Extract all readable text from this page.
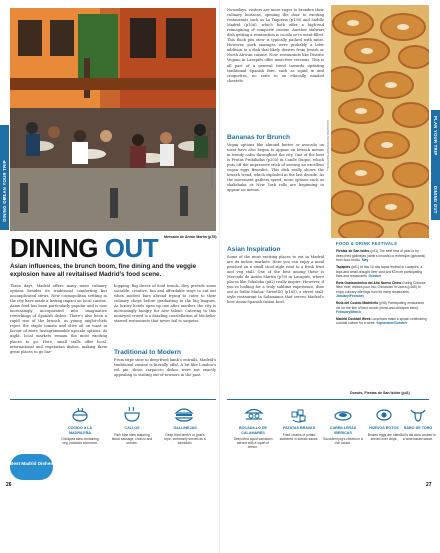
PLAN YOUR TRIP
DINING OUT
DONATAS DABRAVOLSKAS/SHUTTERSTOCK ©
Mercado de Antón Martín (p78)
DINING OUT
Asian influences, the brunch boom, fine dining and the veggie explosion have all revitalised Madrid’s food scene.

These days, Madrid offers many more culinary options besides its traditional comforting but unconplicated stews. New cosmopolitan settling in the city have made a lasting impact on local cuisine. Asian food has been particularly popular and is now increasingly incorporated into imaginative reworkings of Spanish dishes. There’s also been a rapid rise of the brunch, as young angloi-chefs reject the staple tomato and olive oil on toast in favour of more Instagrammable upscale options. At night, local markets remain the most exciting places to go. Here, small stalls offer local, international and vegetarian dishes, making them great places to go bar-

hopping. Big drives of food trends, they provide some sociable, creative, fun and affordable ways to eat out when modest bars abroad trying to cater to their culinary chops before graduating to the big leagues. As luxury hotels open up one after another, the city is increasingly hungry for new talent. Catering to this moneyed crowd is a dazzling constellation of Michelin-starred restaurants that never fail to surprise.

Traditional to Modern

From tripe stew to deep-fried lamb’s entrails, Madrid’s traditional cuisine is literally offal. A bit like London’s eel pie, these carpaccio dishes were not exactly appealing to visiting out-of-towners in the past.

PLAN YOUR TRIP
DINING OUT

Nowadays, visitors are more eager to broaden their culinary horizons, opening the door to exciting restaurants such as La Taqueria (p130) and Saddle Madrid (p106), which both offer a high-end reimagining of comporte cuisine. Another stalwart dish getting a reinvention is cocido or to meat-filled. This thick pea stew is typically packed with meat. However, pork sausages were probably a later addition to a dish that likely derives from Jewish or North African cuisine. Now, restaurants like Distrito Vegano in Lavapiés offer meat-free versions. This is all part of a general trend towards updating traditional Spanish fare, such as squid in and croquettes, no ratte to an ethically minded clientele.

Bananas for Brunch

Vegan options like almond butter or avocado on toast have also begun to appear on brunch menus in trendy cafes throughout the city. One of the best is Frutas Prohibidas (p205) in Conde Duque, which puts off the impressive trick of serving an excellent vegan eggs Benedict. This dish really shows the brunch trend, which exploded in the last decade. As the movement gathers speed, more options such as shakshuka or New York rolls are beginning to appear on menus.

Asian Inspiration

Some of the most exciting places to eat in Madrid are its indoor markets. Here you can enjoy a meal perched on a small stool right next to a fresh fruit and veg stall. One of the best among these is Mercado de Antón Martín (p78) in Lavapiés, where places like Yokaloka (p82) really inspire. However, if you’re looking for a truly sublime experience, dine out at Dabiz Muñoz’ StreetXO (p165), a street stall-style restaurant in Salamanca that serves Madrid’s best Asian-Spanish fusion food.

GUILLERMO SANTOS/SHUTTERSTOCK ©
FOOD & DRINK FESTIVALS
Fiestas de San Isidro (p41) The best time of year to try deep-fried gallinejas (lamb’s innards) or entresijos (gizzards) from food trucks. May
Tapapiés (p81) At this 10-day tapas festival in Lavapiés, a tapa and small draught beer cost just €3 from participating bars and restaurants. October
Rota Gastronómica del Año Nuevo Chino During Chinese New Year, visitors pour into Chinatown in Usera (p160) to enjoy culinary offerings from its many restaurants. January/February
Ruta del Cocido Madrileño (p98) Participating restaurants vie for the title of best cocido (meat-and-chickpea stew). February/March
Madrid Cocktail Week Local bars make a splash celebrating cocktail culture for a week. September/October
Donuts, Fiestas de San Isidro (p41)
Best Madrid Dishes
COCIDO A LA MADRILEÑA
Chickpea stew containing veg, potatoes and meat.
CALLOS
Rich tripe stew featuring blood sausage, chorizo and tomato.
GALLINEJAS
Deep-fried lamb’s or goat’s tripe, commonly served as a sandwich.
BOCADILLO DE CALAMARES
Deep-fried squid sandwich served with a squirt of lemon.
PATATAS BRAVAS
Fried chunks of potato slathered in tomato sauce.
CARRILLERAS IBÉRICAS
Succulent pig’s cheeks in a rich sauce.
HUEVOS ROTOS
Broken eggs are often served over chips.
RABO DE TORO
Bull’s tail slow-cooked in a wine-based sauce.
26	27
